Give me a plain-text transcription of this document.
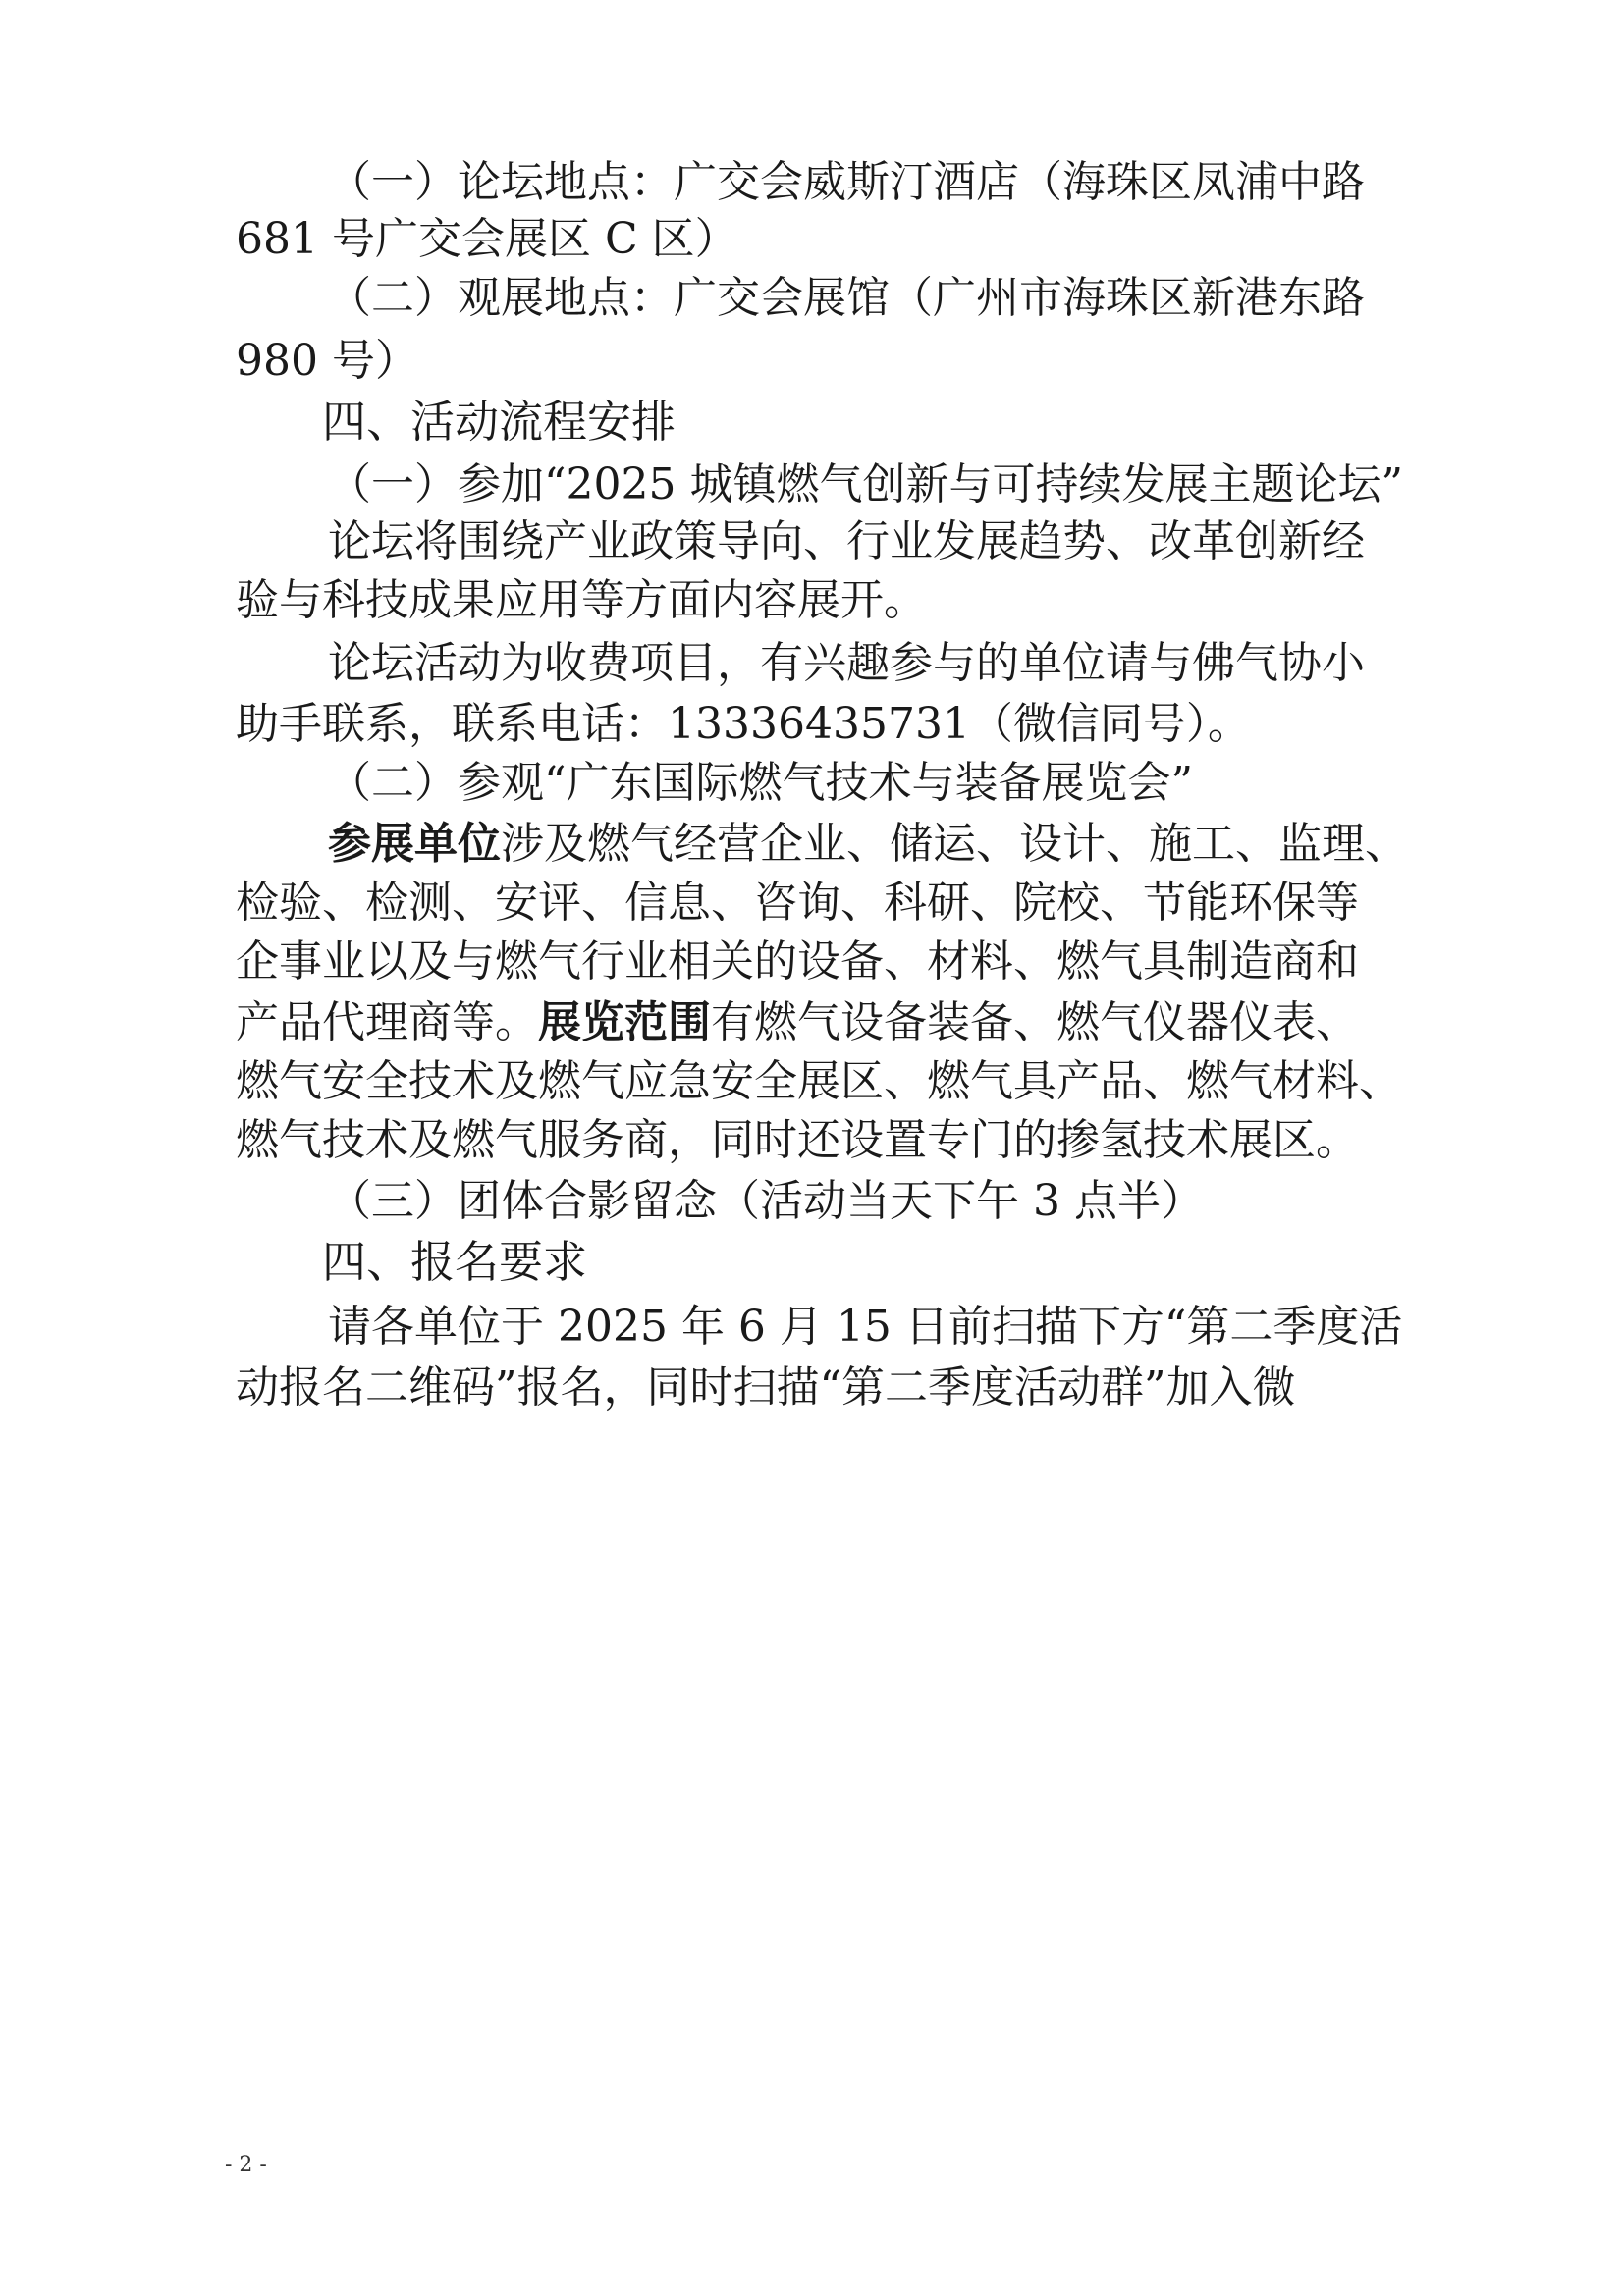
（一）论坛地点：广交会威斯汀酒店（海珠区凤浦中路
681 号广交会展区 C 区）
（二）观展地点：广交会展馆（广州市海珠区新港东路
980 号）
四、活动流程安排
（一）参加“2025 城镇燃气创新与可持续发展主题论坛”
论坛将围绕产业政策导向、行业发展趋势、改革创新经
验与科技成果应用等方面内容展开。
论坛活动为收费项目，有兴趣参与的单位请与佛气协小
助手联系，联系电话：13336435731（微信同号）。
（二）参观“广东国际燃气技术与装备展览会”
参展单位涉及燃气经营企业、储运、设计、施工、监理、
检验、检测、安评、信息、咨询、科研、院校、节能环保等
企事业以及与燃气行业相关的设备、材料、燃气具制造商和
产品代理商等。展览范围有燃气设备装备、燃气仪器仪表、
燃气安全技术及燃气应急安全展区、燃气具产品、燃气材料、
燃气技术及燃气服务商，同时还设置专门的掺氢技术展区。
（三）团体合影留念（活动当天下午 3 点半）
四、报名要求
请各单位于 2025 年 6 月 15 日前扫描下方“第二季度活
动报名二维码”报名，同时扫描“第二季度活动群”加入微
- 2 -
